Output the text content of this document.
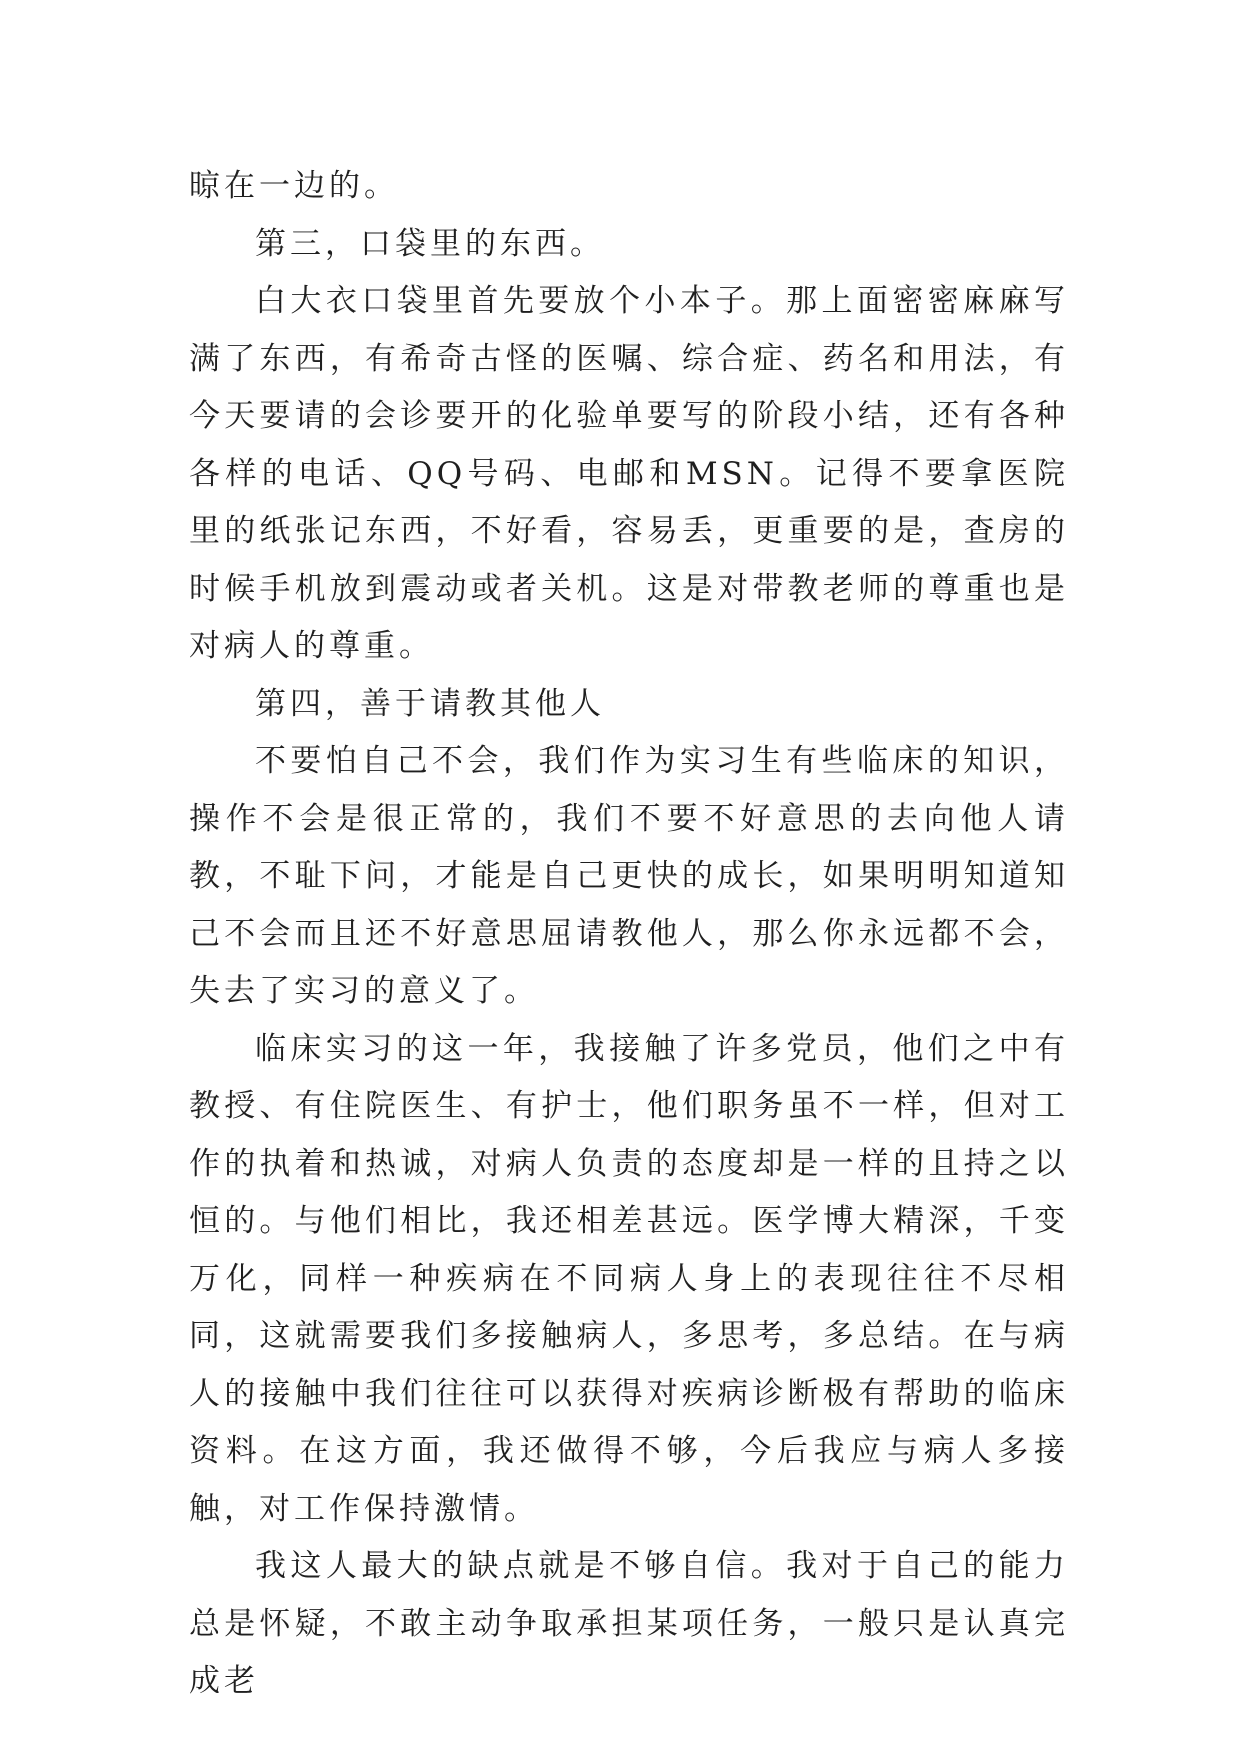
晾在一边的。

第三，口袋里的东西。

白大衣口袋里首先要放个小本子。那上面密密麻麻写满了东西，有希奇古怪的医嘱、综合症、药名和用法，有今天要请的会诊要开的化验单要写的阶段小结，还有各种各样的电话、QQ号码、电邮和MSN。记得不要拿医院里的纸张记东西，不好看，容易丢，更重要的是，查房的时候手机放到震动或者关机。这是对带教老师的尊重也是对病人的尊重。

第四，善于请教其他人

不要怕自己不会，我们作为实习生有些临床的知识，操作不会是很正常的，我们不要不好意思的去向他人请教，不耻下问，才能是自己更快的成长，如果明明知道知己不会而且还不好意思屈请教他人，那么你永远都不会，失去了实习的意义了。

临床实习的这一年，我接触了许多党员，他们之中有教授、有住院医生、有护士，他们职务虽不一样，但对工作的执着和热诚，对病人负责的态度却是一样的且持之以恒的。与他们相比，我还相差甚远。医学博大精深，千变万化，同样一种疾病在不同病人身上的表现往往不尽相同，这就需要我们多接触病人，多思考，多总结。在与病人的接触中我们往往可以获得对疾病诊断极有帮助的临床资料。在这方面，我还做得不够，今后我应与病人多接触，对工作保持激情。

我这人最大的缺点就是不够自信。我对于自己的能力总是怀疑，不敢主动争取承担某项任务，一般只是认真完成老
